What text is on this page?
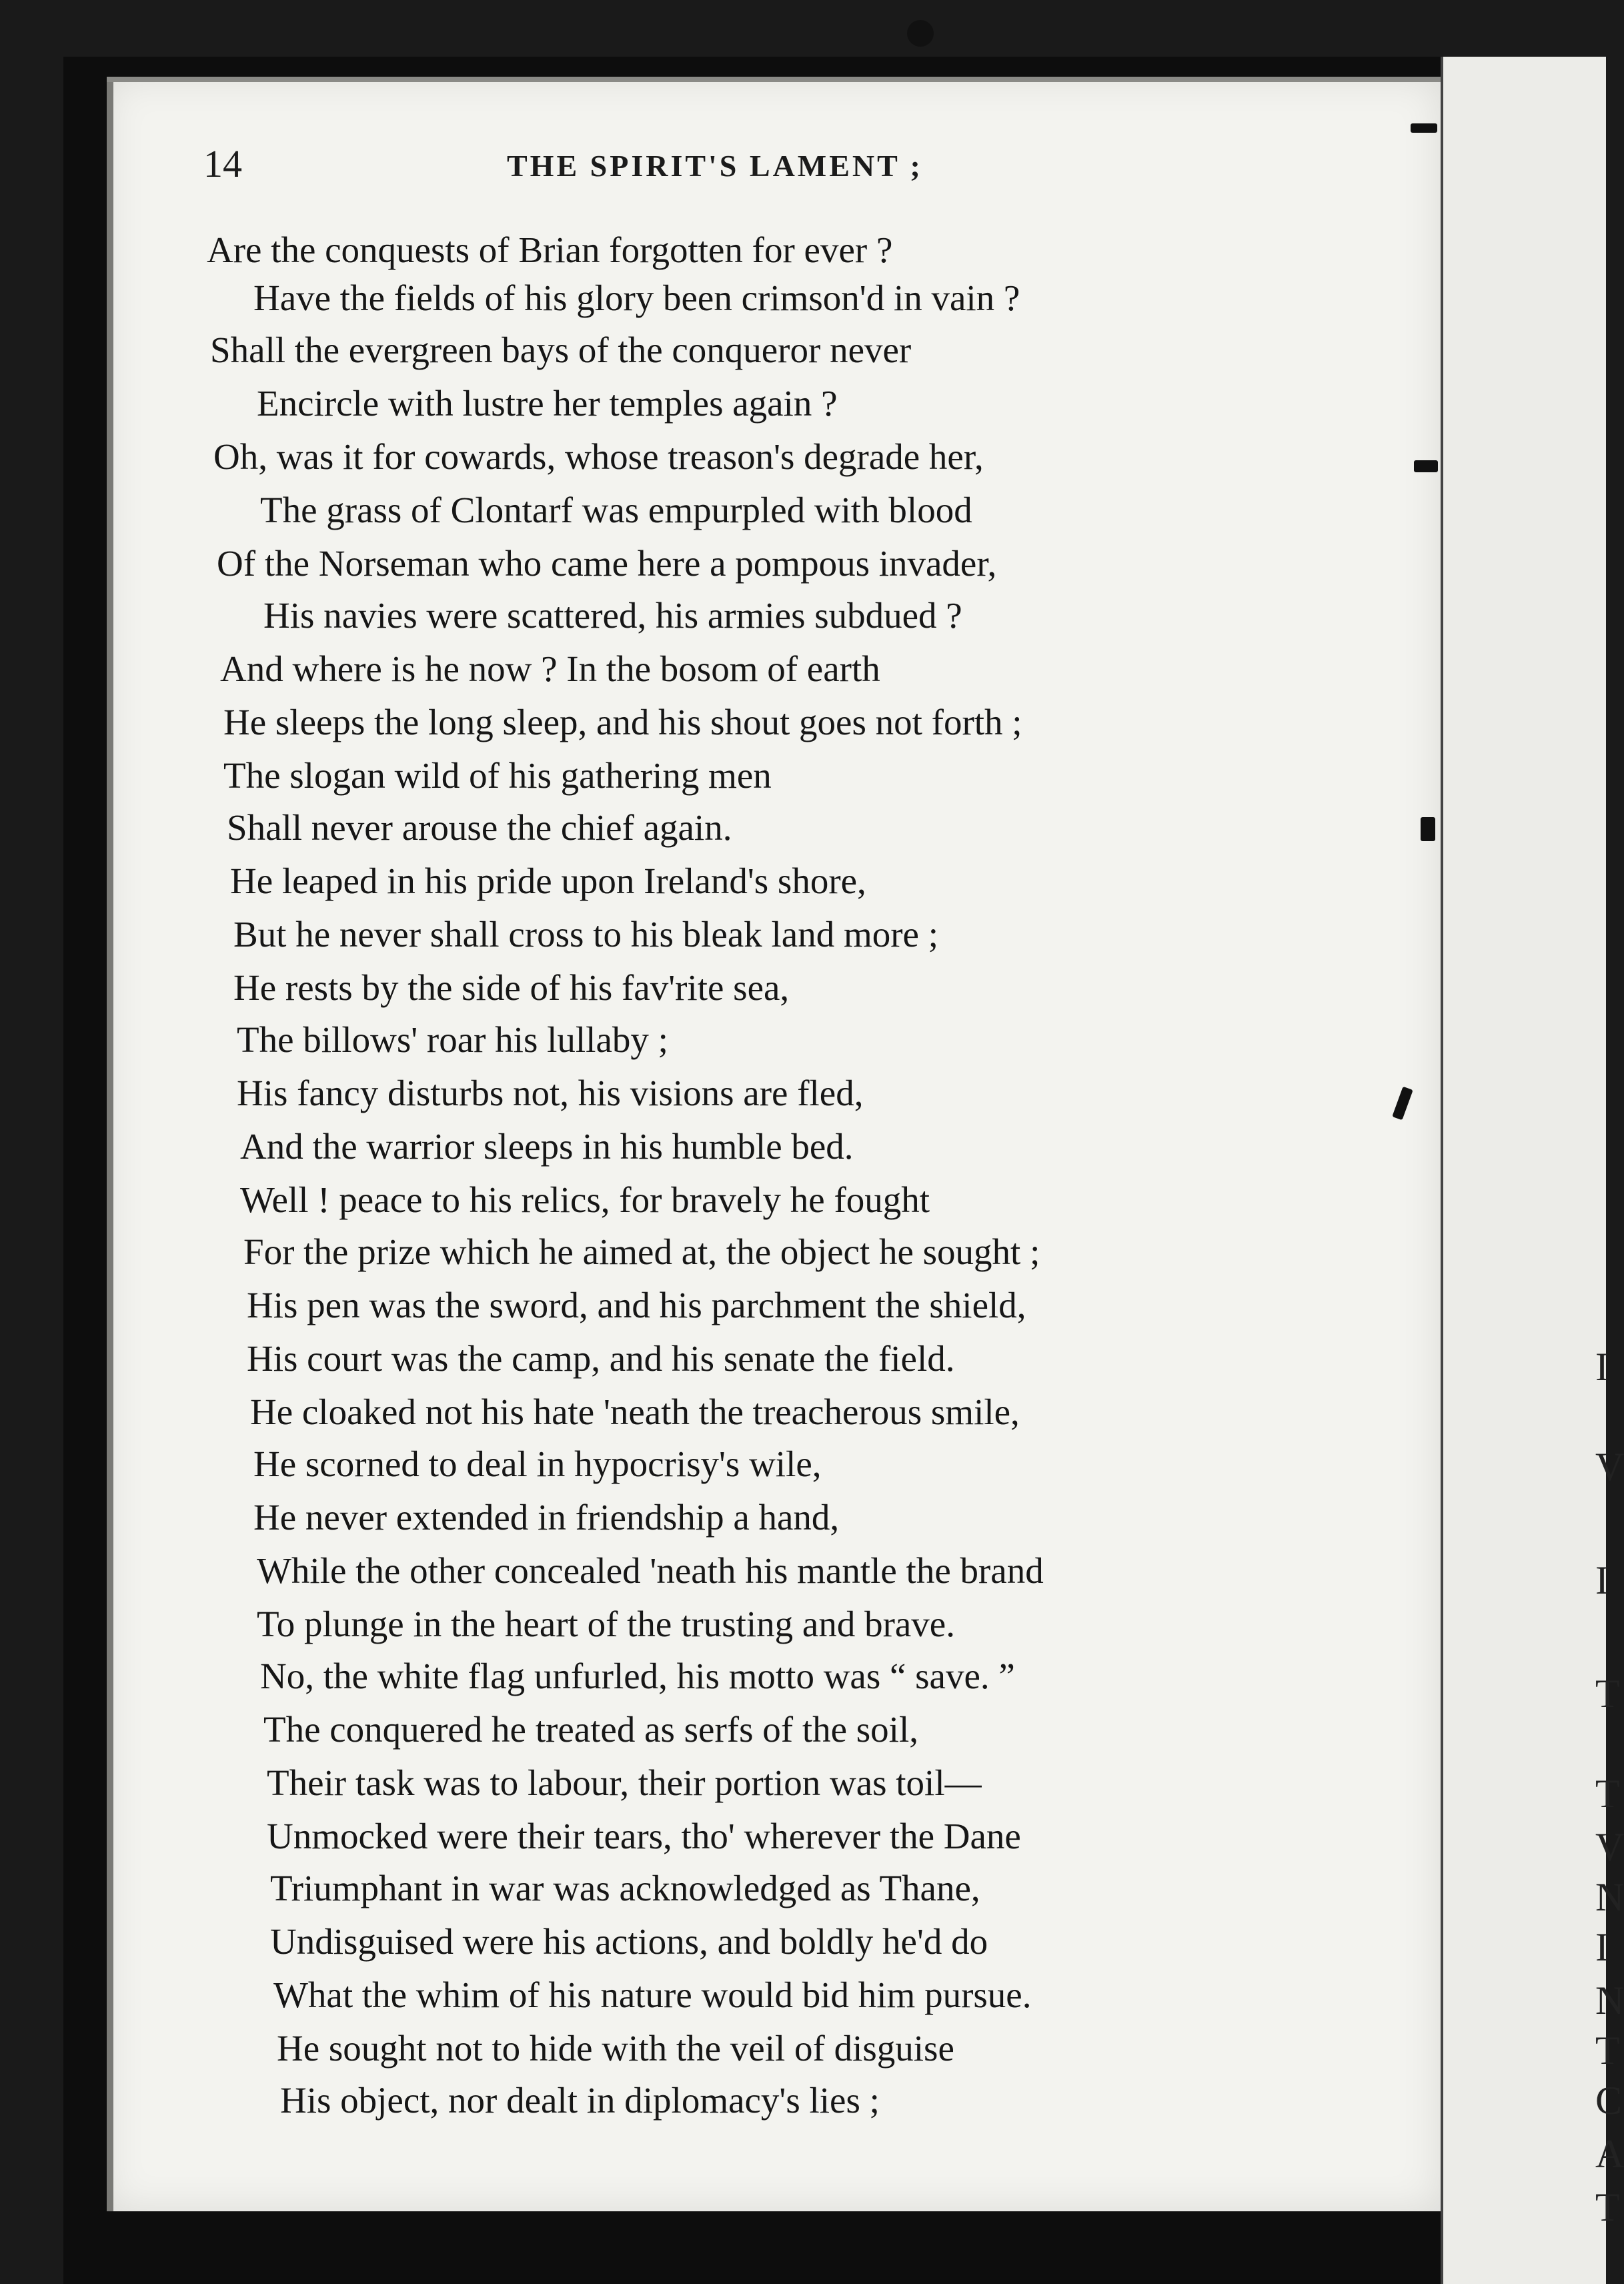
I
V
I
T
T
V
N
I
N
T
C
A
T
14	THE SPIRIT'S LAMENT ;
Are the conquests of Brian forgotten for ever ?
Have the fields of his glory been crimson'd in vain ?
Shall the evergreen bays of the conqueror never
Encircle with lustre her temples again ?
Oh, was it for cowards, whose treason's degrade her,
The grass of Clontarf was empurpled with blood
Of the Norseman who came here a pompous invader,
His navies were scattered, his armies subdued ?
And where is he now ? In the bosom of earth
He sleeps the long sleep, and his shout goes not forth ;
The slogan wild of his gathering men
Shall never arouse the chief again.
He leaped in his pride upon Ireland's shore,
But he never shall cross to his bleak land more ;
He rests by the side of his fav'rite sea,
The billows' roar his lullaby ;
His fancy disturbs not, his visions are fled,
And the warrior sleeps in his humble bed.
Well ! peace to his relics, for bravely he fought
For the prize which he aimed at, the object he sought ;
His pen was the sword, and his parchment the shield,
His court was the camp, and his senate the field.
He cloaked not his hate 'neath the treacherous smile,
He scorned to deal in hypocrisy's wile,
He never extended in friendship a hand,
While the other concealed 'neath his mantle the brand
To plunge in the heart of the trusting and brave.
No, the white flag unfurled, his motto was “ save. ”
The conquered he treated as serfs of the soil,
Their task was to labour, their portion was toil—
Unmocked were their tears, tho' wherever the Dane
Triumphant in war was acknowledged as Thane,
Undisguised were his actions, and boldly he'd do
What the whim of his nature would bid him pursue.
He sought not to hide with the veil of disguise
His object, nor dealt in diplomacy's lies ;
